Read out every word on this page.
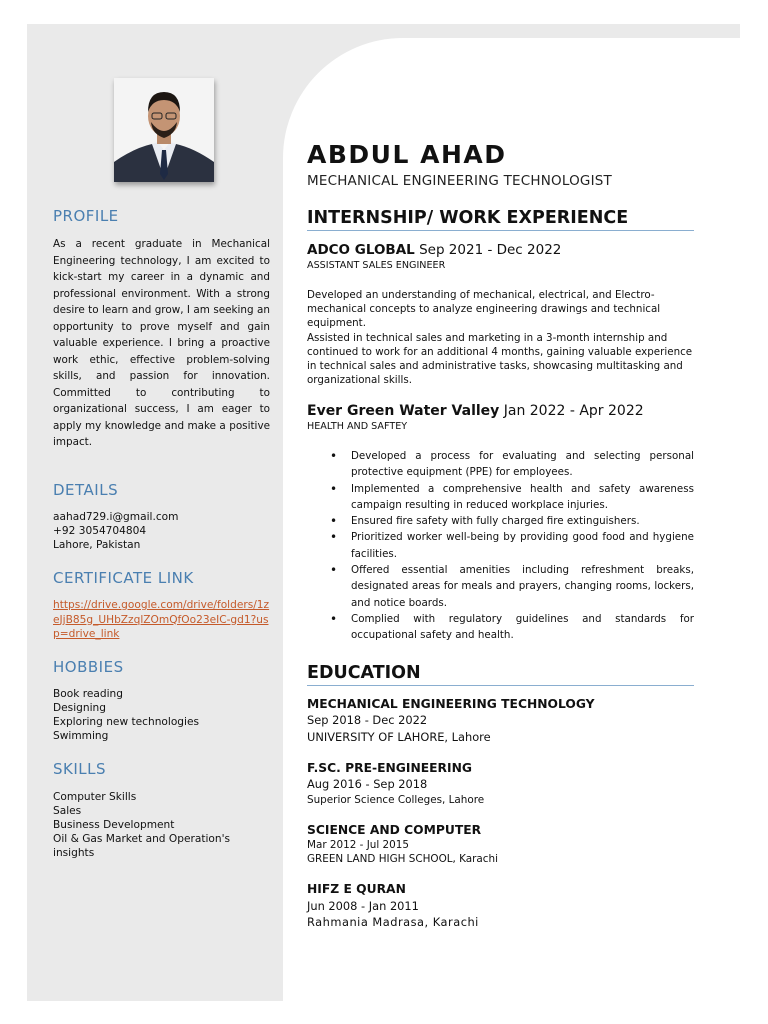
PROFILE
As a recent graduate in Mechanical Engineering technology, I am excited to kick-start my career in a dynamic and professional environment. With a strong desire to learn and grow, I am seeking an opportunity to prove myself and gain valuable experience. I bring a proactive work ethic, effective problem-solving skills, and passion for innovation. Committed to contributing to organizational success, I am eager to apply my knowledge and make a positive impact.
DETAILS
aahad729.i@gmail.com
+92 3054704804
Lahore, Pakistan
CERTIFICATE LINK
https://drive.google.com/drive/folders/1zeJjB85g_UHbZzqlZOmQfOo23eIC-gd1?usp=drive_link
HOBBIES
Book reading
Designing
Exploring new technologies
Swimming
SKILLS
Computer Skills
Sales
Business Development
Oil & Gas Market and Operation's
insights
ABDUL AHAD
MECHANICAL ENGINEERING TECHNOLOGIST
INTERNSHIP/ WORK EXPERIENCE
ADCO GLOBAL Sep 2021 - Dec 2022
ASSISTANT SALES ENGINEER
Developed an understanding of mechanical, electrical, and Electro-mechanical concepts to analyze engineering drawings and technical equipment.
Assisted in technical sales and marketing in a 3-month internship and continued to work for an additional 4 months, gaining valuable experience in technical sales and administrative tasks, showcasing multitasking and organizational skills.
Ever Green Water Valley Jan 2022 - Apr 2022
HEALTH AND SAFTEY
• Developed a process for evaluating and selecting personal protective equipment (PPE) for employees.
• Implemented a comprehensive health and safety awareness campaign resulting in reduced workplace injuries.
• Ensured fire safety with fully charged fire extinguishers.
• Prioritized worker well-being by providing good food and hygiene facilities.
• Offered essential amenities including refreshment breaks, designated areas for meals and prayers, changing rooms, lockers, and notice boards.
• Complied with regulatory guidelines and standards for occupational safety and health.
EDUCATION
MECHANICAL ENGINEERING TECHNOLOGY
Sep 2018 - Dec 2022
UNIVERSITY OF LAHORE, Lahore
F.SC. PRE-ENGINEERING
Aug 2016 - Sep 2018
Superior Science Colleges, Lahore
SCIENCE AND COMPUTER
Mar 2012 - Jul 2015
GREEN LAND HIGH SCHOOL, Karachi
HIFZ E QURAN
Jun 2008 - Jan 2011
Rahmania Madrasa, Karachi
